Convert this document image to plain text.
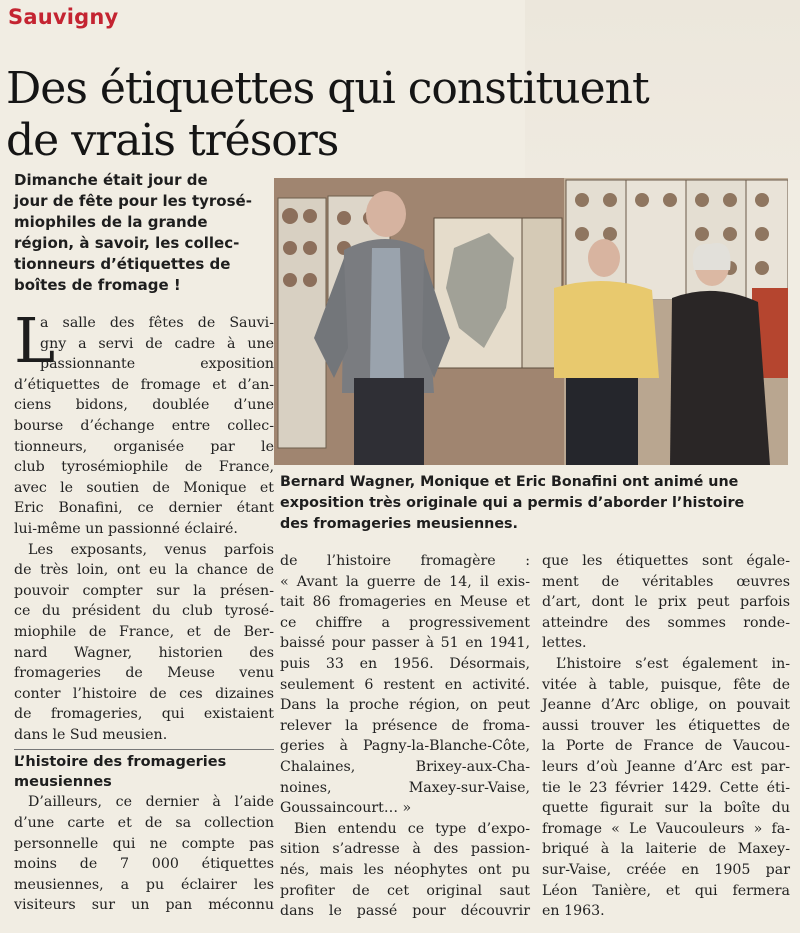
Sauvigny
Des étiquettes qui constituent
de vrais trésors
Dimanche était jour de
jour de fête pour les tyrosé-
miophiles de la grande
région, à savoir, les collec-
tionneurs d’étiquettes de
boîtes de fromage !
Bernard Wagner, Monique et Eric Bonafini ont animé une
exposition très originale qui a permis d’aborder l’histoire
des fromageries meusiennes.
L
a salle des fêtes de Sauvi-
gny a servi de cadre à une
passionnante exposition
d’étiquettes de fromage et d’an-
ciens bidons, doublée d’une
bourse d’échange entre collec-
tionneurs, organisée par le
club tyrosémiophile de France,
avec le soutien de Monique et
Eric Bonafini, ce dernier étant
lui-même un passionné éclairé.
Les exposants, venus parfois
de très loin, ont eu la chance de
pouvoir compter sur la présen-
ce du président du club tyrosé-
miophile de France, et de Ber-
nard Wagner, historien des
fromageries de Meuse venu
conter l’histoire de ces dizaines
de fromageries, qui existaient
dans le Sud meusien.
L’histoire des fromageries meusiennes
D’ailleurs, ce dernier à l’aide
d’une carte et de sa collection
personnelle qui ne compte pas
moins de 7 000 étiquettes
meusiennes, a pu éclairer les
visiteurs sur un pan méconnu
de l’histoire fromagère :
« Avant la guerre de 14, il exis-
tait 86 fromageries en Meuse et
ce chiffre a progressivement
baissé pour passer à 51 en 1941,
puis 33 en 1956. Désormais,
seulement 6 restent en activité.
Dans la proche région, on peut
relever la présence de froma-
geries à Pagny-la-Blanche-Côte,
Chalaines, Brixey-aux-Cha-
noines, Maxey-sur-Vaise,
Goussaincourt… »
Bien entendu ce type d’expo-
sition s’adresse à des passion-
nés, mais les néophytes ont pu
profiter de cet original saut
dans le passé pour découvrir
que les étiquettes sont égale-
ment de véritables œuvres
d’art, dont le prix peut parfois
atteindre des sommes ronde-
lettes.
L’histoire s’est également in-
vitée à table, puisque, fête de
Jeanne d’Arc oblige, on pouvait
aussi trouver les étiquettes de
la Porte de France de Vaucou-
leurs d’où Jeanne d’Arc est par-
tie le 23 février 1429. Cette éti-
quette figurait sur la boîte du
fromage « Le Vaucouleurs » fa-
briqué à la laiterie de Maxey-
sur-Vaise, créée en 1905 par
Léon Tanière, et qui fermera
en 1963.
